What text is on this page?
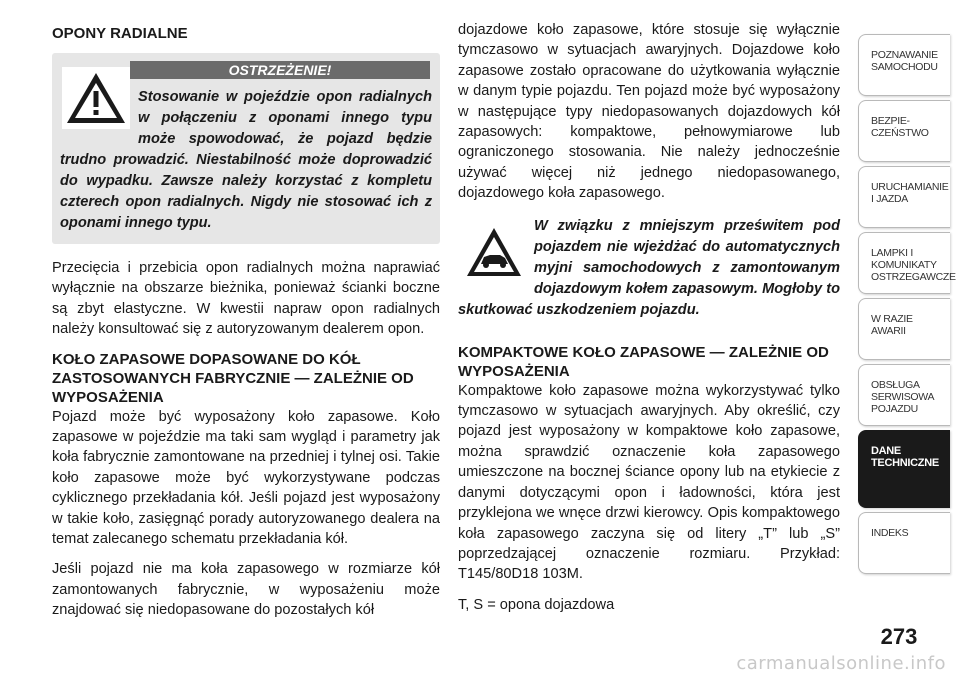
OPONY RADIALNE
OSTRZEŻENIE!

Stosowanie w pojeździe opon radialnych w połączeniu z oponami innego typu może spowodować, że pojazd będzie trudno prowadzić. Niestabilność może doprowadzić do wypadku. Zawsze należy korzystać z kompletu czterech opon radialnych. Nigdy nie stosować ich z oponami innego typu.

Przecięcia i przebicia opon radialnych można naprawiać wyłącznie na obszarze bieżnika, ponieważ ścianki boczne są zbyt elastyczne. W kwestii napraw opon radialnych należy konsultować się z autoryzowanym dealerem opon.

KOŁO ZAPASOWE DOPASOWANE DO KÓŁ ZASTOSOWANYCH FABRYCZNIE — ZALEŻNIE OD WYPOSAŻENIA

Pojazd może być wyposażony koło zapasowe. Koło zapasowe w pojeździe ma taki sam wygląd i parametry jak koła fabrycznie zamontowane na przedniej i tylnej osi. Takie koło zapasowe może być wykorzystywane podczas cyklicznego przekładania kół. Jeśli pojazd jest wyposażony w takie koło, zasięgnąć porady autoryzowanego dealera na temat zalecanego schematu przekładania kół.

Jeśli pojazd nie ma koła zapasowego w rozmiarze kół zamontowanych fabrycznie, w wyposażeniu może znajdować się niedopasowane do pozostałych kół

dojazdowe koło zapasowe, które stosuje się wyłącznie tymczasowo w sytuacjach awaryjnych. Dojazdowe koło zapasowe zostało opracowane do użytkowania wyłącznie w danym typie pojazdu. Ten pojazd może być wyposażony w następujące typy niedopasowanych dojazdowych kół zapasowych: kompaktowe, pełnowymiarowe lub ograniczonego stosowania. Nie należy jednocześnie używać więcej niż jednego niedopasowanego, dojazdowego koła zapasowego.

W związku z mniejszym prześwitem pod pojazdem nie wjeżdżać do automatycznych myjni samochodowych z zamontowanym dojazdowym kołem zapasowym. Mogłoby to skutkować uszkodzeniem pojazdu.

KOMPAKTOWE KOŁO ZAPASOWE — ZALEŻNIE OD WYPOSAŻENIA

Kompaktowe koło zapasowe można wykorzystywać tylko tymczasowo w sytuacjach awaryjnych. Aby określić, czy pojazd jest wyposażony w kompaktowe koło zapasowe, można sprawdzić oznaczenie koła zapasowego umieszczone na bocznej ściance opony lub na etykiecie z danymi dotyczącymi opon i ładowności, która jest przyklejona we wnęce drzwi kierowcy. Opis kompaktowego koła zapasowego zaczyna się od litery „T” lub „S” poprzedzającej oznaczenie rozmiaru. Przykład: T145/80D18 103M.

T, S = opona dojazdowa

POZNAWANIE
SAMOCHODU
BEZPIE-
CZEŃSTWO
URUCHAMIANIE
I JAZDA
LAMPKI I
KOMUNIKATY
OSTRZEGAWCZE
W RAZIE
AWARII
OBSŁUGA
SERWISOWA
POJAZDU
DANE
TECHNICZNE
INDEKS
273
carmanualsonline.info
